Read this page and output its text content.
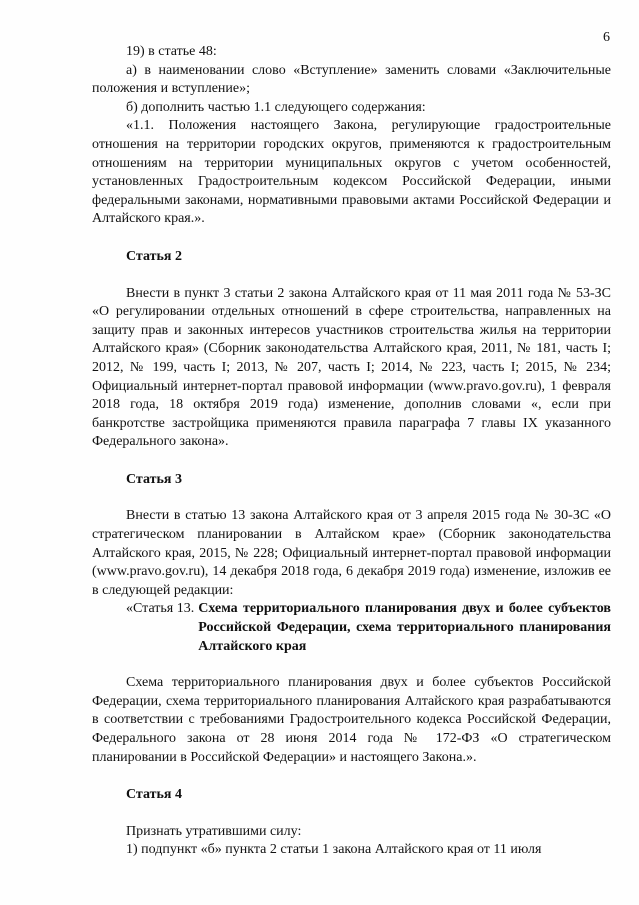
6

19) в статье 48:

а) в наименовании слово «Вступление» заменить словами «Заключительные положения и вступление»;

б) дополнить частью 1.1 следующего содержания:

«1.1. Положения настоящего Закона, регулирующие градостроительные отношения на территории городских округов, применяются к градостроительным отношениям на территории муниципальных округов с учетом особенностей, установленных Градостроительным кодексом Российской Федерации, иными федеральными законами, нормативными правовыми актами Российской Федерации и Алтайского края.».

Статья 2

Внести в пункт 3 статьи 2 закона Алтайского края от 11 мая 2011 года № 53-ЗС «О регулировании отдельных отношений в сфере строительства, направленных на защиту прав и законных интересов участников строительства жилья на территории Алтайского края» (Сборник законодательства Алтайского края, 2011, № 181, часть I; 2012, № 199, часть I; 2013, № 207, часть I; 2014, № 223, часть I; 2015, № 234; Официальный интернет-портал правовой информации (www.pravo.gov.ru), 1 февраля 2018 года, 18 октября 2019 года) изменение, дополнив словами «, если при банкротстве застройщика применяются правила параграфа 7 главы IX указанного Федерального закона».

Статья 3

Внести в статью 13 закона Алтайского края от 3 апреля 2015 года № 30-ЗС «О стратегическом планировании в Алтайском крае» (Сборник законодательства Алтайского края, 2015, № 228; Официальный интернет-портал правовой информации (www.pravo.gov.ru), 14 декабря 2018 года, 6 декабря 2019 года) изменение, изложив ее в следующей редакции:

«Статья 13. Схема территориального планирования двух и более субъектов Российской Федерации, схема территориального планирования Алтайского края

Схема территориального планирования двух и более субъектов Российской Федерации, схема территориального планирования Алтайского края разрабатываются в соответствии с требованиями Градостроительного кодекса Российской Федерации, Федерального закона от 28 июня 2014 года № 172-ФЗ «О стратегическом планировании в Российской Федерации» и настоящего Закона.».

Статья 4

Признать утратившими силу:

1) подпункт «б» пункта 2 статьи 1 закона Алтайского края от 11 июля
